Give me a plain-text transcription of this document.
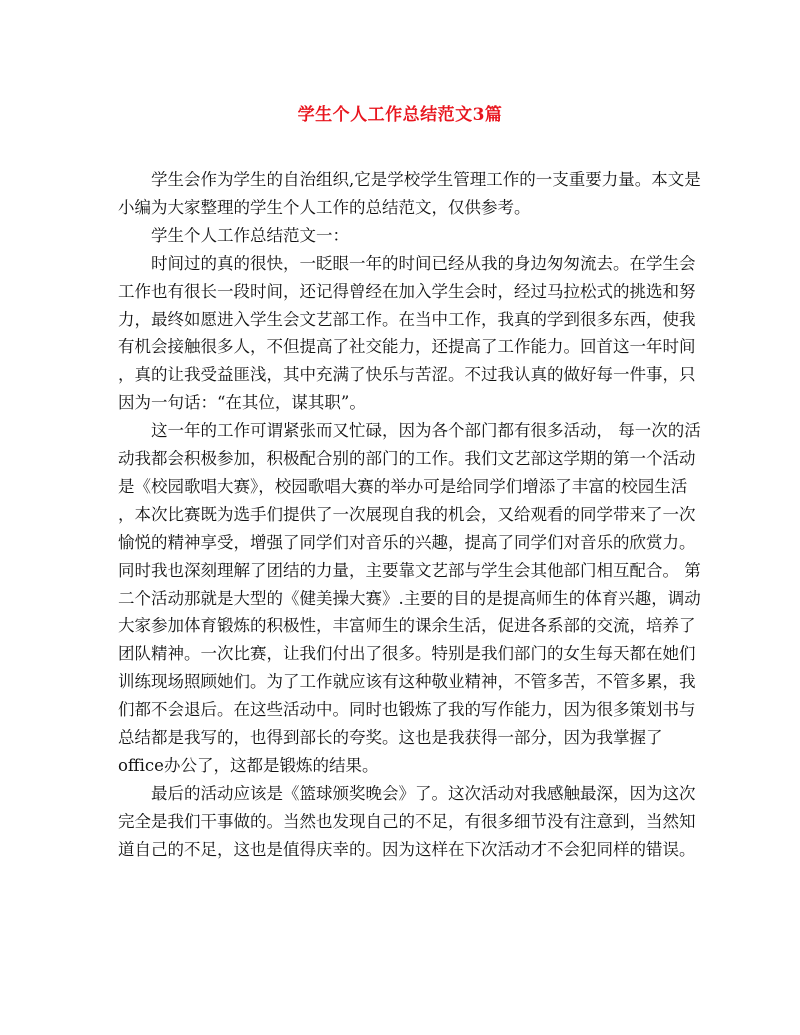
学生个人工作总结范文3篇
　　学生会作为学生的自治组织,它是学校学生管理工作的一支重要力量。本文是
小编为大家整理的学生个人工作的总结范文，仅供参考。
　　学生个人工作总结范文一：
　　时间过的真的很快，一眨眼一年的时间已经从我的身边匆匆流去。在学生会
工作也有很长一段时间，还记得曾经在加入学生会时，经过马拉松式的挑选和努
力，最终如愿进入学生会文艺部工作。在当中工作，我真的学到很多东西，使我
有机会接触很多人，不但提高了社交能力，还提高了工作能力。回首这一年时间
，真的让我受益匪浅，其中充满了快乐与苦涩。不过我认真的做好每一件事，只
因为一句话：“在其位，谋其职”。
　　这一年的工作可谓紧张而又忙碌，因为各个部门都有很多活动， 每一次的活
动我都会积极参加，积极配合别的部门的工作。我们文艺部这学期的第一个活动
是《校园歌唱大赛》，校园歌唱大赛的举办可是给同学们增添了丰富的校园生活
，本次比赛既为选手们提供了一次展现自我的机会，又给观看的同学带来了一次
愉悦的精神享受，增强了同学们对音乐的兴趣，提高了同学们对音乐的欣赏力。
同时我也深刻理解了团结的力量，主要靠文艺部与学生会其他部门相互配合。 第
二个活动那就是大型的《健美操大赛》.主要的目的是提高师生的体育兴趣，调动
大家参加体育锻炼的积极性，丰富师生的课余生活，促进各系部的交流，培养了
团队精神。一次比赛，让我们付出了很多。特别是我们部门的女生每天都在她们
训练现场照顾她们。为了工作就应该有这种敬业精神，不管多苦，不管多累，我
们都不会退后。在这些活动中。同时也锻炼了我的写作能力，因为很多策划书与
总结都是我写的，也得到部长的夸奖。这也是我获得一部分，因为我掌握了
office办公了，这都是锻炼的结果。
　　最后的活动应该是《篮球颁奖晚会》了。这次活动对我感触最深，因为这次
完全是我们干事做的。当然也发现自己的不足，有很多细节没有注意到，当然知
道自己的不足，这也是值得庆幸的。因为这样在下次活动才不会犯同样的错误。
